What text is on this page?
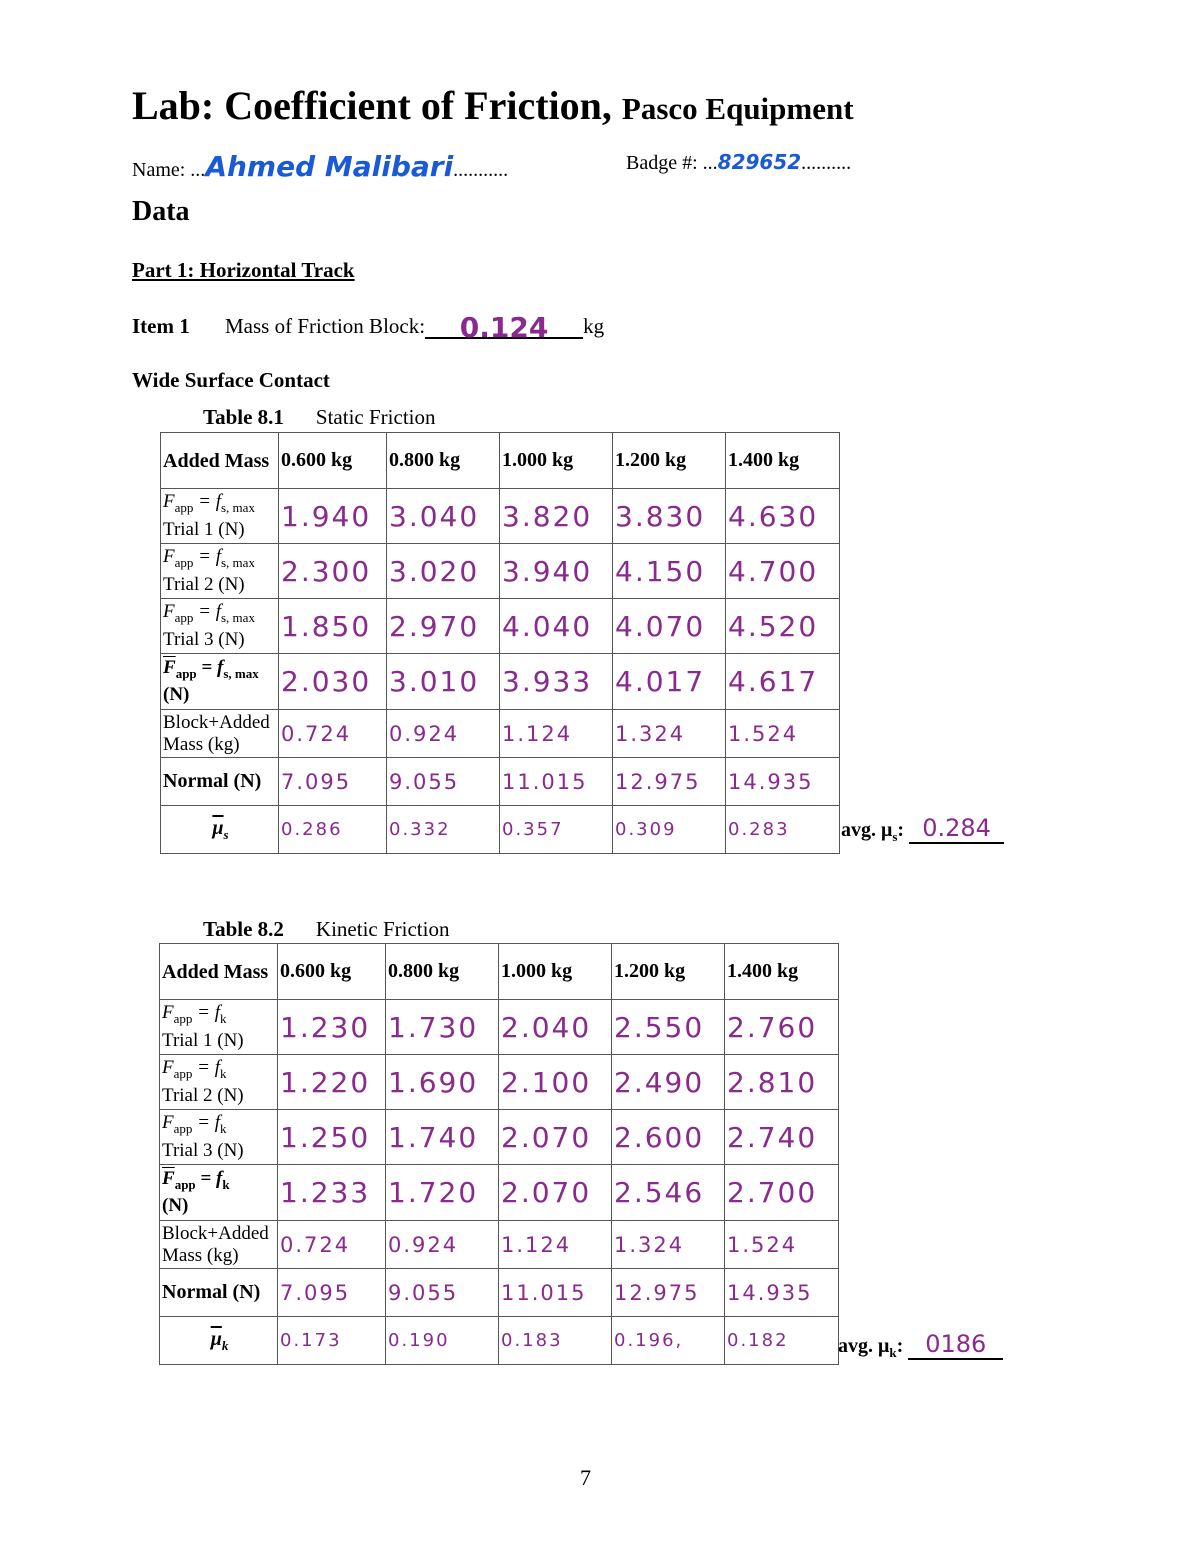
Lab: Coefficient of Friction, Pasco Equipment
Name: ...Ahmed Malibari...........	Badge #: ...829652..........
Data
Part 1: Horizontal Track
Item 1 Mass of Friction Block: 0.124 kg
Wide Surface Contact
Table 8.1 Static Friction
Added Mass	0.600 kg	0.800 kg	1.000 kg	1.200 kg	1.400 kg
$F_{app} = f_{s, max}$
Trial 1 (N)	1.940	3.040	3.820	3.830	4.630
$F_{app} = f_{s, max}$
Trial 2 (N)	2.300	3.020	3.940	4.150	4.700
$F_{app} = f_{s, max}$
Trial 3 (N)	1.850	2.970	4.040	4.070	4.520
$\overline{F}_{app} = f_{s, max}$
(N)	2.030	3.010	3.933	4.017	4.617
Block+Added Mass (kg)	0.724	0.924	1.124	1.324	1.524
Normal (N)	7.095	9.055	11.015	12.975	14.935
$\overline{\mu}_s$	0.286	0.332	0.357	0.309	0.283	avg. $\mu_s$: 0.284
Table 8.2 Kinetic Friction
Added Mass	0.600 kg	0.800 kg	1.000 kg	1.200 kg	1.400 kg
$F_{app} = f_k$
Trial 1 (N)	1.230	1.730	2.040	2.550	2.760
$F_{app} = f_k$
Trial 2 (N)	1.220	1.690	2.100	2.490	2.810
$F_{app} = f_k$
Trial 3 (N)	1.250	1.740	2.070	2.600	2.740
$\overline{F}_{app} = f_k$
(N)	1.233	1.720	2.070	2.546	2.700
Block+Added Mass (kg)	0.724	0.924	1.124	1.324	1.524
Normal (N)	7.095	9.055	11.015	12.975	14.935
$\overline{\mu}_k$	0.173	0.190	0.183	0.196,	0.182 avg. $\mu_k$: 0186
7
